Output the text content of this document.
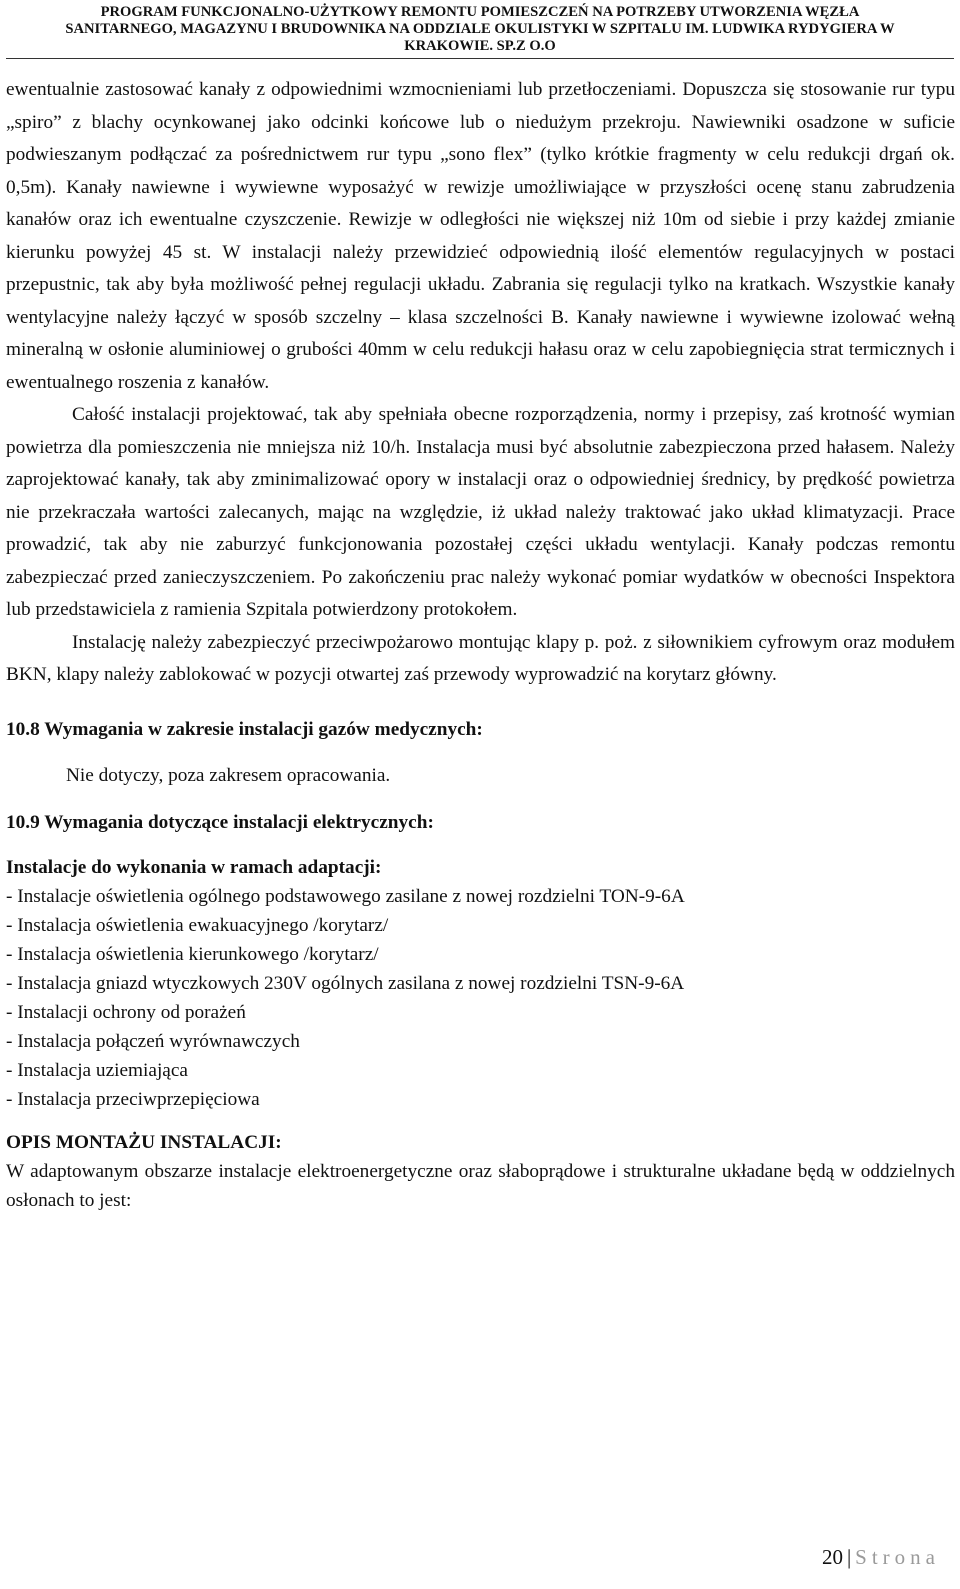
PROGRAM FUNKCJONALNO-UŻYTKOWY REMONTU POMIESZCZEŃ NA POTRZEBY UTWORZENIA WĘZŁA
SANITARNEGO, MAGAZYNU I BRUDOWNIKA NA ODDZIALE OKULISTYKI W SZPITALU IM. LUDWIKA RYDYGIERA W
KRAKOWIE. SP.Z O.O

ewentualnie zastosować kanały z odpowiednimi wzmocnieniami lub przetłoczeniami. Dopuszcza się stosowanie rur typu „spiro” z blachy ocynkowanej jako odcinki końcowe lub o niedużym przekroju. Nawiewniki osadzone w suficie podwieszanym podłączać za pośrednictwem rur typu „sono flex” (tylko krótkie fragmenty w celu redukcji drgań ok. 0,5m). Kanały nawiewne i wywiewne wyposażyć w rewizje umożliwiające w przyszłości ocenę stanu zabrudzenia kanałów oraz ich ewentualne czyszczenie. Rewizje w odległości nie większej niż 10m od siebie i przy każdej zmianie kierunku powyżej 45 st. W instalacji należy przewidzieć odpowiednią ilość elementów regulacyjnych w postaci przepustnic, tak aby była możliwość pełnej regulacji układu. Zabrania się regulacji tylko na kratkach. Wszystkie kanały wentylacyjne należy łączyć w sposób szczelny – klasa szczelności B. Kanały nawiewne i wywiewne izolować wełną mineralną w osłonie aluminiowej o grubości 40mm w celu redukcji hałasu oraz w celu zapobiegnięcia strat termicznych i ewentualnego roszenia z kanałów.

Całość instalacji projektować, tak aby spełniała obecne rozporządzenia, normy i przepisy, zaś krotność wymian powietrza dla pomieszczenia nie mniejsza niż 10/h. Instalacja musi być absolutnie zabezpieczona przed hałasem. Należy zaprojektować kanały, tak aby zminimalizować opory w instalacji oraz o odpowiedniej średnicy, by prędkość powietrza nie przekraczała wartości zalecanych, mając na względzie, iż układ należy traktować jako układ klimatyzacji. Prace prowadzić, tak aby nie zaburzyć funkcjonowania pozostałej części układu wentylacji. Kanały podczas remontu zabezpieczać przed zanieczyszczeniem. Po zakończeniu prac należy wykonać pomiar wydatków w obecności Inspektora lub przedstawiciela z ramienia Szpitala potwierdzony protokołem.

Instalację należy zabezpieczyć przeciwpożarowo montując klapy p. poż. z siłownikiem cyfrowym oraz modułem BKN, klapy należy zablokować w pozycji otwartej zaś przewody wyprowadzić na korytarz główny.

10.8 Wymagania w zakresie instalacji gazów medycznych:

Nie dotyczy, poza zakresem opracowania.

10.9 Wymagania dotyczące instalacji elektrycznych:

Instalacje do wykonania w ramach adaptacji:

- Instalacje oświetlenia ogólnego podstawowego zasilane z nowej rozdzielni TON-9-6A
- Instalacja oświetlenia ewakuacyjnego /korytarz/
- Instalacja oświetlenia kierunkowego /korytarz/
- Instalacja gniazd wtyczkowych 230V ogólnych zasilana z nowej rozdzielni TSN-9-6A
- Instalacji ochrony od porażeń
- Instalacja połączeń wyrównawczych
- Instalacja uziemiająca
- Instalacja przeciwprzepięciowa

OPIS MONTAŻU INSTALACJI:

W adaptowanym obszarze instalacje elektroenergetyczne oraz słaboprądowe i strukturalne układane będą w oddzielnych osłonach to jest:

20 | Strona
